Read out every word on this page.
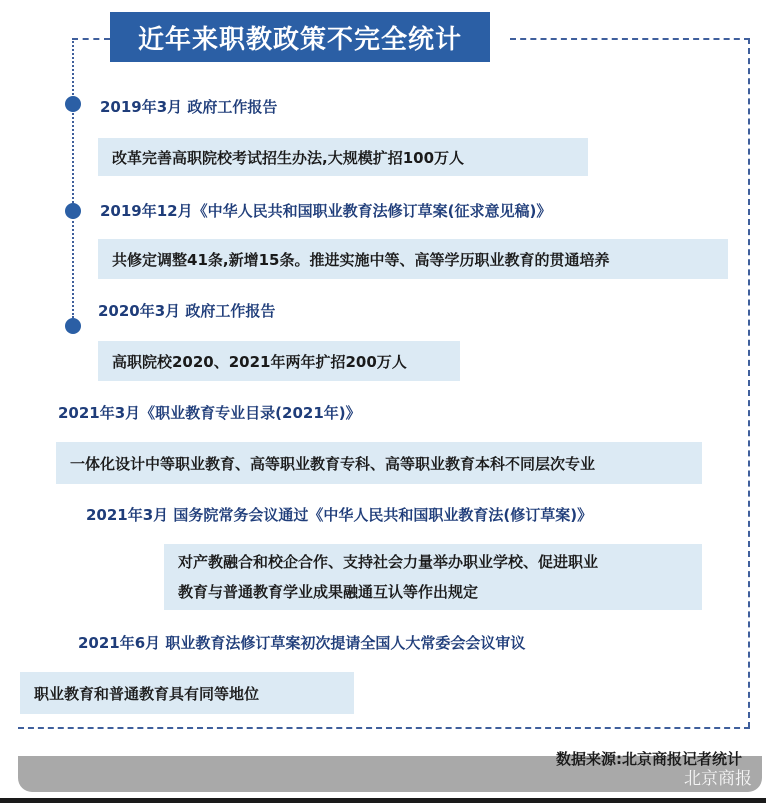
近年来职教政策不完全统计
2019年3月 政府工作报告
改革完善高职院校考试招生办法,大规模扩招100万人
2019年12月《中华人民共和国职业教育法修订草案(征求意见稿)》
共修定调整41条,新增15条。推进实施中等、高等学历职业教育的贯通培养
2020年3月 政府工作报告
高职院校2020、2021年两年扩招200万人
2021年3月《职业教育专业目录(2021年)》
一体化设计中等职业教育、高等职业教育专科、高等职业教育本科不同层次专业
2021年3月 国务院常务会议通过《中华人民共和国职业教育法(修订草案)》
对产教融合和校企合作、支持社会力量举办职业学校、促进职业
教育与普通教育学业成果融通互认等作出规定
2021年6月 职业教育法修订草案初次提请全国人大常委会会议审议
职业教育和普通教育具有同等地位
数据来源:北京商报记者统计
北京商报
